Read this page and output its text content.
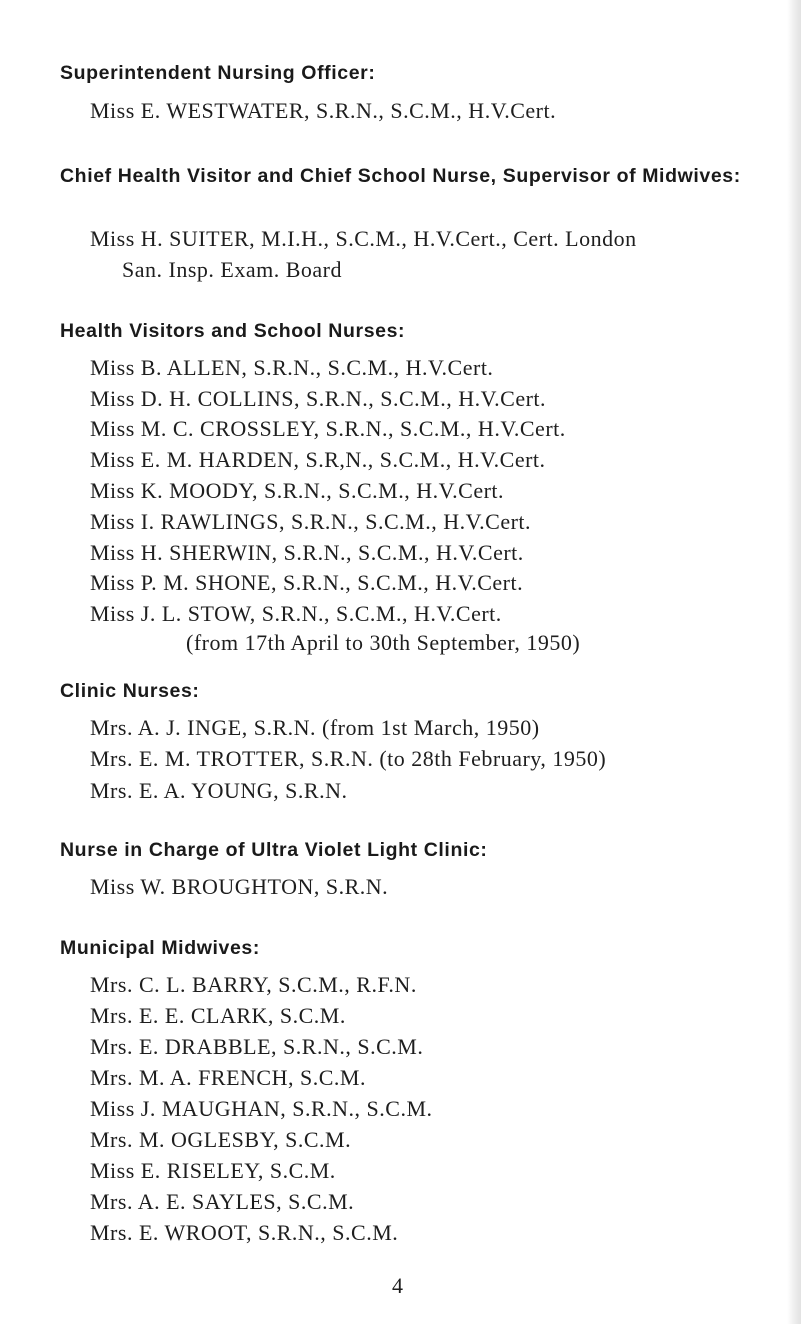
Superintendent Nursing Officer:
Miss E. WESTWATER, S.R.N., S.C.M., H.V.Cert.
Chief Health Visitor and Chief School Nurse, Supervisor of Midwives:
Miss H. SUITER, M.I.H., S.C.M., H.V.Cert., Cert. London
San. Insp. Exam. Board
Health Visitors and School Nurses:
Miss B. ALLEN, S.R.N., S.C.M., H.V.Cert.
Miss D. H. COLLINS, S.R.N., S.C.M., H.V.Cert.
Miss M. C. CROSSLEY, S.R.N., S.C.M., H.V.Cert.
Miss E. M. HARDEN, S.R,N., S.C.M., H.V.Cert.
Miss K. MOODY, S.R.N., S.C.M., H.V.Cert.
Miss I. RAWLINGS, S.R.N., S.C.M., H.V.Cert.
Miss H. SHERWIN, S.R.N., S.C.M., H.V.Cert.
Miss P. M. SHONE, S.R.N., S.C.M., H.V.Cert.
Miss J. L. STOW, S.R.N., S.C.M., H.V.Cert.
(from 17th April to 30th September, 1950)
Clinic Nurses:
Mrs. A. J. INGE, S.R.N. (from 1st March, 1950)
Mrs. E. M. TROTTER, S.R.N. (to 28th February, 1950)
Mrs. E. A. YOUNG, S.R.N.
Nurse in Charge of Ultra Violet Light Clinic:
Miss W. BROUGHTON, S.R.N.
Municipal Midwives:
Mrs. C. L. BARRY, S.C.M., R.F.N.
Mrs. E. E. CLARK, S.C.M.
Mrs. E. DRABBLE, S.R.N., S.C.M.
Mrs. M. A. FRENCH, S.C.M.
Miss J. MAUGHAN, S.R.N., S.C.M.
Mrs. M. OGLESBY, S.C.M.
Miss E. RISELEY, S.C.M.
Mrs. A. E. SAYLES, S.C.M.
Mrs. E. WROOT, S.R.N., S.C.M.
4
